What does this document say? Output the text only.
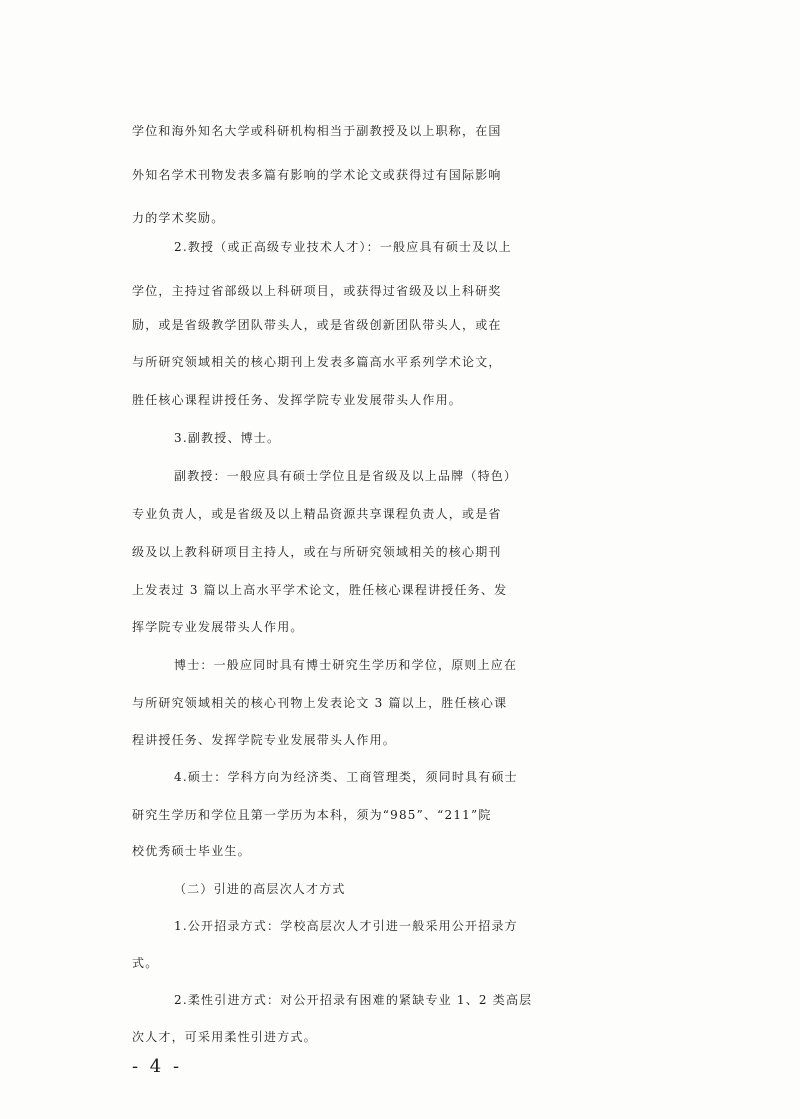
学位和海外知名大学或科研机构相当于副教授及以上职称，在国
外知名学术刊物发表多篇有影响的学术论文或获得过有国际影响
力的学术奖励。
2.教授（或正高级专业技术人才）：一般应具有硕士及以上
学位，主持过省部级以上科研项目，或获得过省级及以上科研奖
励，或是省级教学团队带头人，或是省级创新团队带头人，或在
与所研究领域相关的核心期刊上发表多篇高水平系列学术论文，
胜任核心课程讲授任务、发挥学院专业发展带头人作用。
3.副教授、博士。
副教授：一般应具有硕士学位且是省级及以上品牌（特色）
专业负责人，或是省级及以上精品资源共享课程负责人，或是省
级及以上教科研项目主持人，或在与所研究领域相关的核心期刊
上发表过 3 篇以上高水平学术论文，胜任核心课程讲授任务、发
挥学院专业发展带头人作用。
博士：一般应同时具有博士研究生学历和学位，原则上应在
与所研究领域相关的核心刊物上发表论文 3 篇以上，胜任核心课
程讲授任务、发挥学院专业发展带头人作用。
4.硕士：学科方向为经济类、工商管理类，须同时具有硕士
研究生学历和学位且第一学历为本科，须为“985”、“211”院
校优秀硕士毕业生。
（二）引进的高层次人才方式
1.公开招录方式：学校高层次人才引进一般采用公开招录方
式。
2.柔性引进方式：对公开招录有困难的紧缺专业 1、2 类高层
次人才，可采用柔性引进方式。
- 4 -
